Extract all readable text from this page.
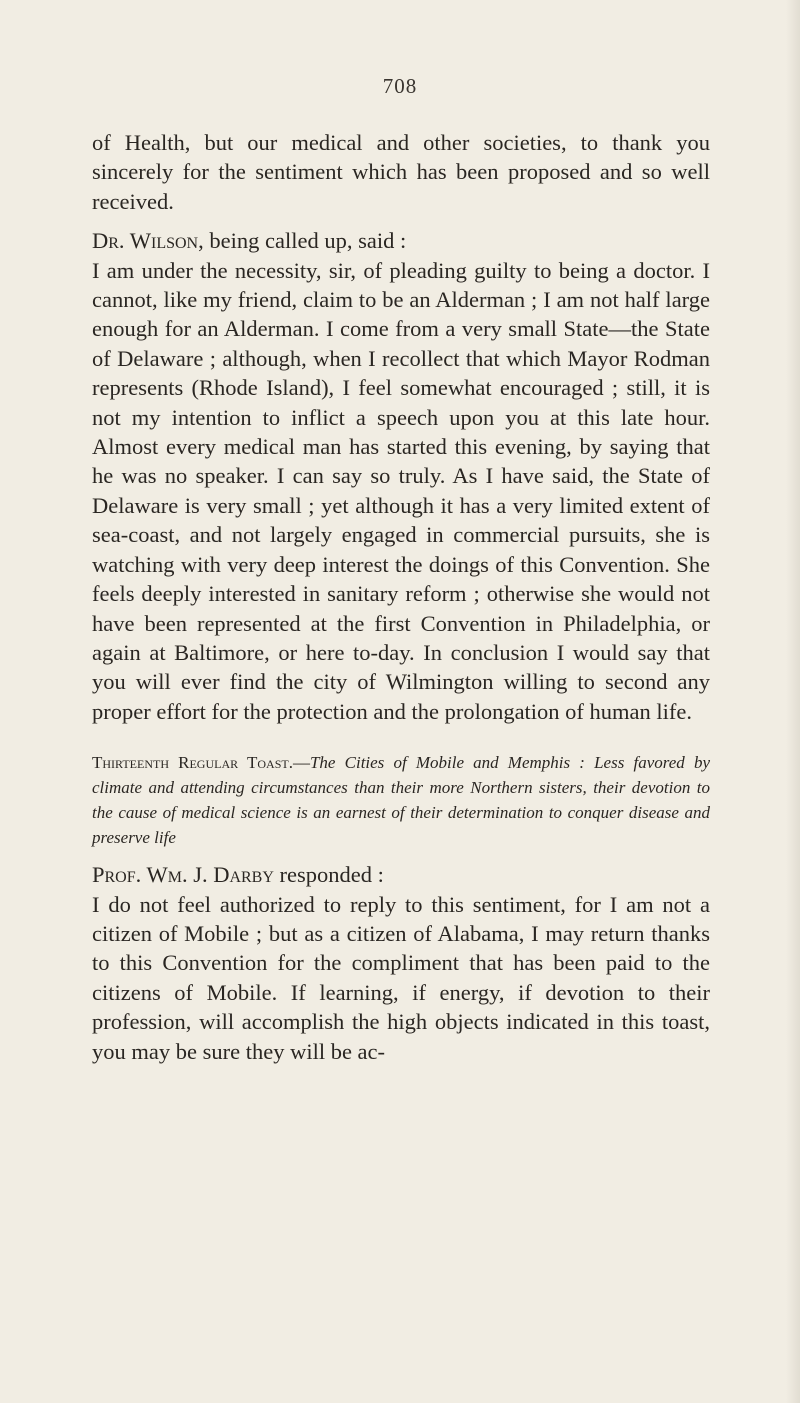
708

of Health, but our medical and other societies, to thank you sincerely for the sentiment which has been proposed and so well received.

Dr. Wilson, being called up, said :

I am under the necessity, sir, of pleading guilty to being a doctor. I cannot, like my friend, claim to be an Alderman ; I am not half large enough for an Alderman. I come from a very small State—the State of Delaware ; although, when I recollect that which Mayor Rodman represents (Rhode Island), I feel somewhat encouraged ; still, it is not my intention to inflict a speech upon you at this late hour. Almost every medical man has started this evening, by saying that he was no speaker. I can say so truly. As I have said, the State of Delaware is very small ; yet although it has a very limited extent of sea-coast, and not largely engaged in commercial pursuits, she is watching with very deep interest the doings of this Convention. She feels deeply interested in sanitary reform ; otherwise she would not have been represented at the first Convention in Philadelphia, or again at Baltimore, or here to-day. In conclusion I would say that you will ever find the city of Wilmington willing to second any proper effort for the protection and the prolongation of human life.

Thirteenth Regular Toast.—The Cities of Mobile and Memphis : Less favored by climate and attending circumstances than their more Northern sisters, their devotion to the cause of medical science is an earnest of their determination to conquer disease and preserve life

Prof. Wm. J. Darby responded :

I do not feel authorized to reply to this sentiment, for I am not a citizen of Mobile ; but as a citizen of Alabama, I may return thanks to this Convention for the compliment that has been paid to the citizens of Mobile. If learning, if energy, if devotion to their profession, will accomplish the high objects indicated in this toast, you may be sure they will be ac-
